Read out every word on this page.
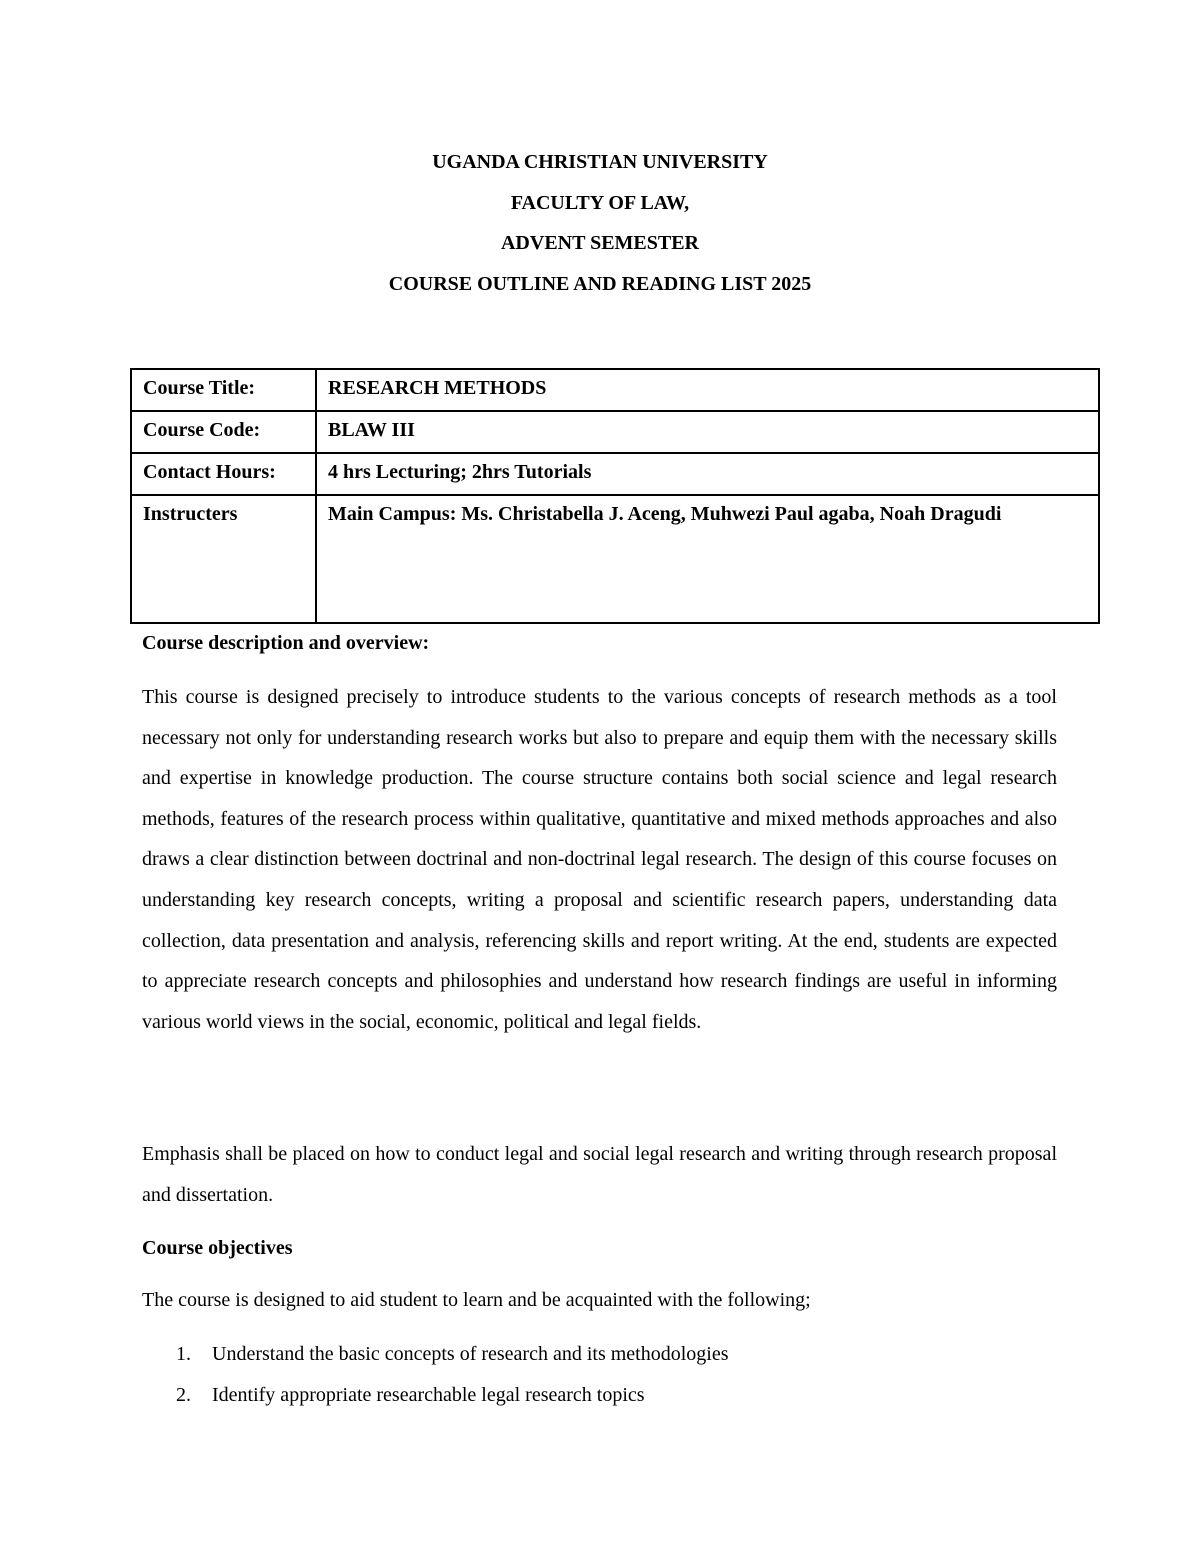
UGANDA CHRISTIAN UNIVERSITY
FACULTY OF LAW,
ADVENT SEMESTER
COURSE OUTLINE AND READING LIST 2025
Course Title:	RESEARCH METHODS
Course Code:	BLAW III
Contact Hours:	4 hrs Lecturing; 2hrs Tutorials
Instructers	Main Campus: Ms. Christabella J. Aceng, Muhwezi Paul agaba, Noah Dragudi
Course description and overview:
This course is designed precisely to introduce students to the various concepts of research methods as a tool necessary not only for understanding research works but also to prepare and equip them with the necessary skills and expertise in knowledge production. The course structure contains both social science and legal research methods, features of the research process within qualitative, quantitative and mixed methods approaches and also draws a clear distinction between doctrinal and non-doctrinal legal research. The design of this course focuses on understanding key research concepts, writing a proposal and scientific research papers, understanding data collection, data presentation and analysis, referencing skills and report writing. At the end, students are expected to appreciate research concepts and philosophies and understand how research findings are useful in informing various world views in the social, economic, political and legal fields.
Emphasis shall be placed on how to conduct legal and social legal research and writing through research proposal and dissertation.
Course objectives
The course is designed to aid student to learn and be acquainted with the following;
1. Understand the basic concepts of research and its methodologies
2. Identify appropriate researchable legal research topics
